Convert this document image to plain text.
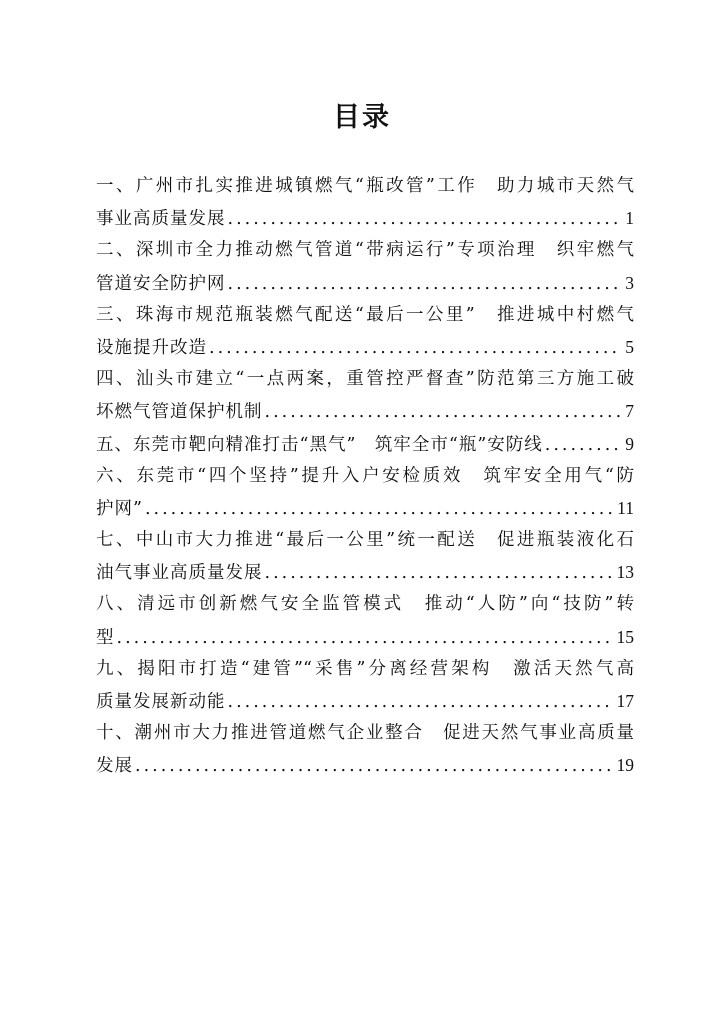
目录
一、广州市扎实推进城镇燃气“瓶改管”工作　助力城市天然气
事业高质量发展 .....	1
二、深圳市全力推动燃气管道“带病运行”专项治理　织牢燃气
管道安全防护网 .....	3
三、珠海市规范瓶装燃气配送“最后一公里”　推进城中村燃气
设施提升改造 .....	5
四、汕头市建立“一点两案，重管控严督查”防范第三方施工破
坏燃气管道保护机制 .....	7
五、东莞市靶向精准打击“黑气”　筑牢全市“瓶”安防线 .....	9
六、东莞市“四个坚持”提升入户安检质效　筑牢安全用气“防
护网” .....	11
七、中山市大力推进“最后一公里”统一配送　促进瓶装液化石
油气事业高质量发展 .....	13
八、清远市创新燃气安全监管模式　推动“人防”向“技防”转
型 .....	15
九、揭阳市打造“建管”“采售”分离经营架构　激活天然气高
质量发展新动能 .....	17
十、潮州市大力推进管道燃气企业整合　促进天然气事业高质量
发展 .....	19
